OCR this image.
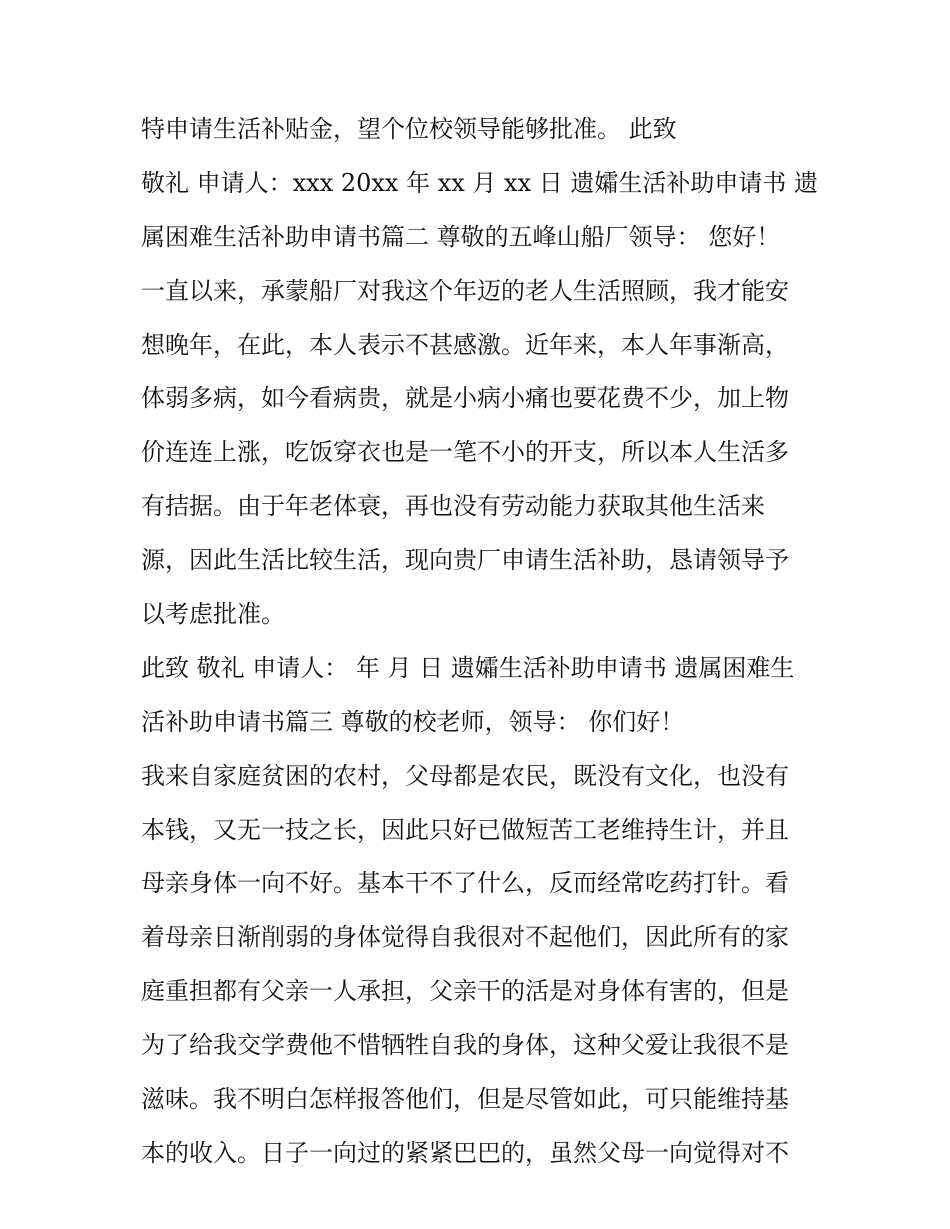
特申请生活补贴金，望个位校领导能够批准。 此致
敬礼 申请人：xxx 20xx 年 xx 月 xx 日 遗孀生活补助申请书 遗
属困难生活补助申请书篇二 尊敬的五峰山船厂领导： 您好！
一直以来，承蒙船厂对我这个年迈的老人生活照顾，我才能安
想晚年，在此，本人表示不甚感激。近年来，本人年事渐高，
体弱多病，如今看病贵，就是小病小痛也要花费不少，加上物
价连连上涨，吃饭穿衣也是一笔不小的开支，所以本人生活多
有拮据。由于年老体衰，再也没有劳动能力获取其他生活来
源，因此生活比较生活，现向贵厂申请生活补助，恳请领导予
以考虑批准。
此致 敬礼 申请人： 年 月 日 遗孀生活补助申请书 遗属困难生
活补助申请书篇三 尊敬的校老师，领导： 你们好！
我来自家庭贫困的农村，父母都是农民，既没有文化，也没有
本钱，又无一技之长，因此只好已做短苦工老维持生计，并且
母亲身体一向不好。基本干不了什么，反而经常吃药打针。看
着母亲日渐削弱的身体觉得自我很对不起他们，因此所有的家
庭重担都有父亲一人承担，父亲干的活是对身体有害的，但是
为了给我交学费他不惜牺牲自我的身体，这种父爱让我很不是
滋味。我不明白怎样报答他们，但是尽管如此，可只能维持基
本的收入。日子一向过的紧紧巴巴的，虽然父母一向觉得对不
